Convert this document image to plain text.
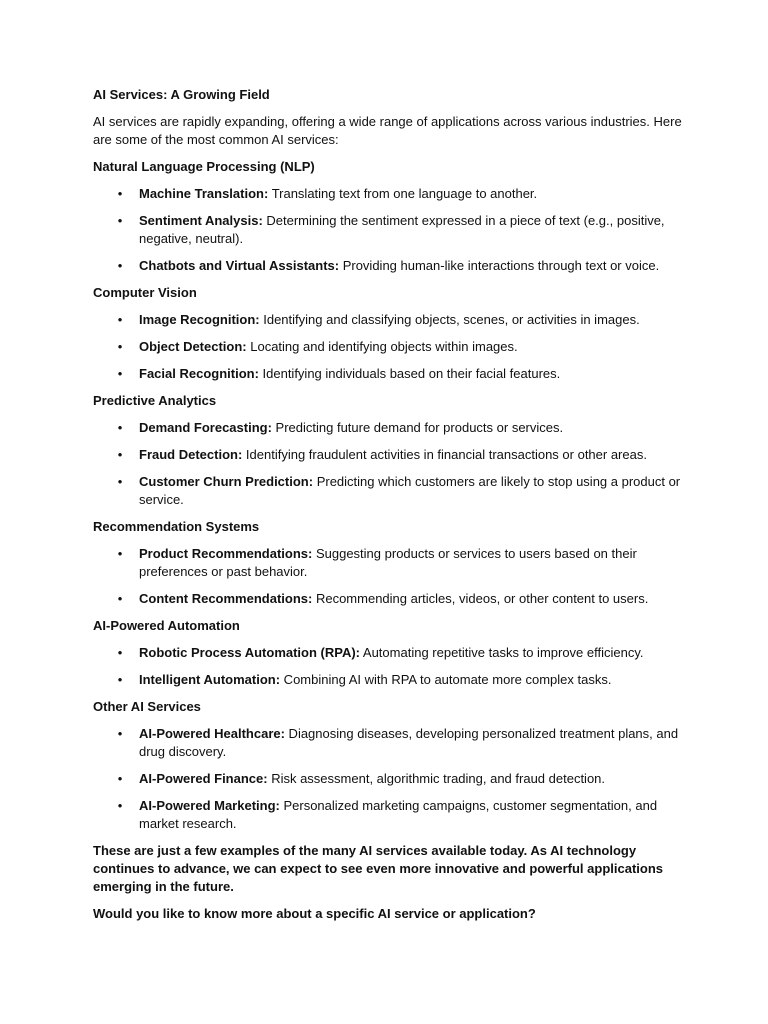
AI Services: A Growing Field

AI services are rapidly expanding, offering a wide range of applications across various industries. Here are some of the most common AI services:

Natural Language Processing (NLP)

• Machine Translation: Translating text from one language to another.
• Sentiment Analysis: Determining the sentiment expressed in a piece of text (e.g., positive, negative, neutral).
• Chatbots and Virtual Assistants: Providing human-like interactions through text or voice.

Computer Vision

• Image Recognition: Identifying and classifying objects, scenes, or activities in images.
• Object Detection: Locating and identifying objects within images.
• Facial Recognition: Identifying individuals based on their facial features.

Predictive Analytics

• Demand Forecasting: Predicting future demand for products or services.
• Fraud Detection: Identifying fraudulent activities in financial transactions or other areas.
• Customer Churn Prediction: Predicting which customers are likely to stop using a product or service.

Recommendation Systems

• Product Recommendations: Suggesting products or services to users based on their preferences or past behavior.
• Content Recommendations: Recommending articles, videos, or other content to users.

AI-Powered Automation

• Robotic Process Automation (RPA): Automating repetitive tasks to improve efficiency.
• Intelligent Automation: Combining AI with RPA to automate more complex tasks.

Other AI Services

• AI-Powered Healthcare: Diagnosing diseases, developing personalized treatment plans, and drug discovery.
• AI-Powered Finance: Risk assessment, algorithmic trading, and fraud detection.
• AI-Powered Marketing: Personalized marketing campaigns, customer segmentation, and market research.

These are just a few examples of the many AI services available today. As AI technology continues to advance, we can expect to see even more innovative and powerful applications emerging in the future.

Would you like to know more about a specific AI service or application?
